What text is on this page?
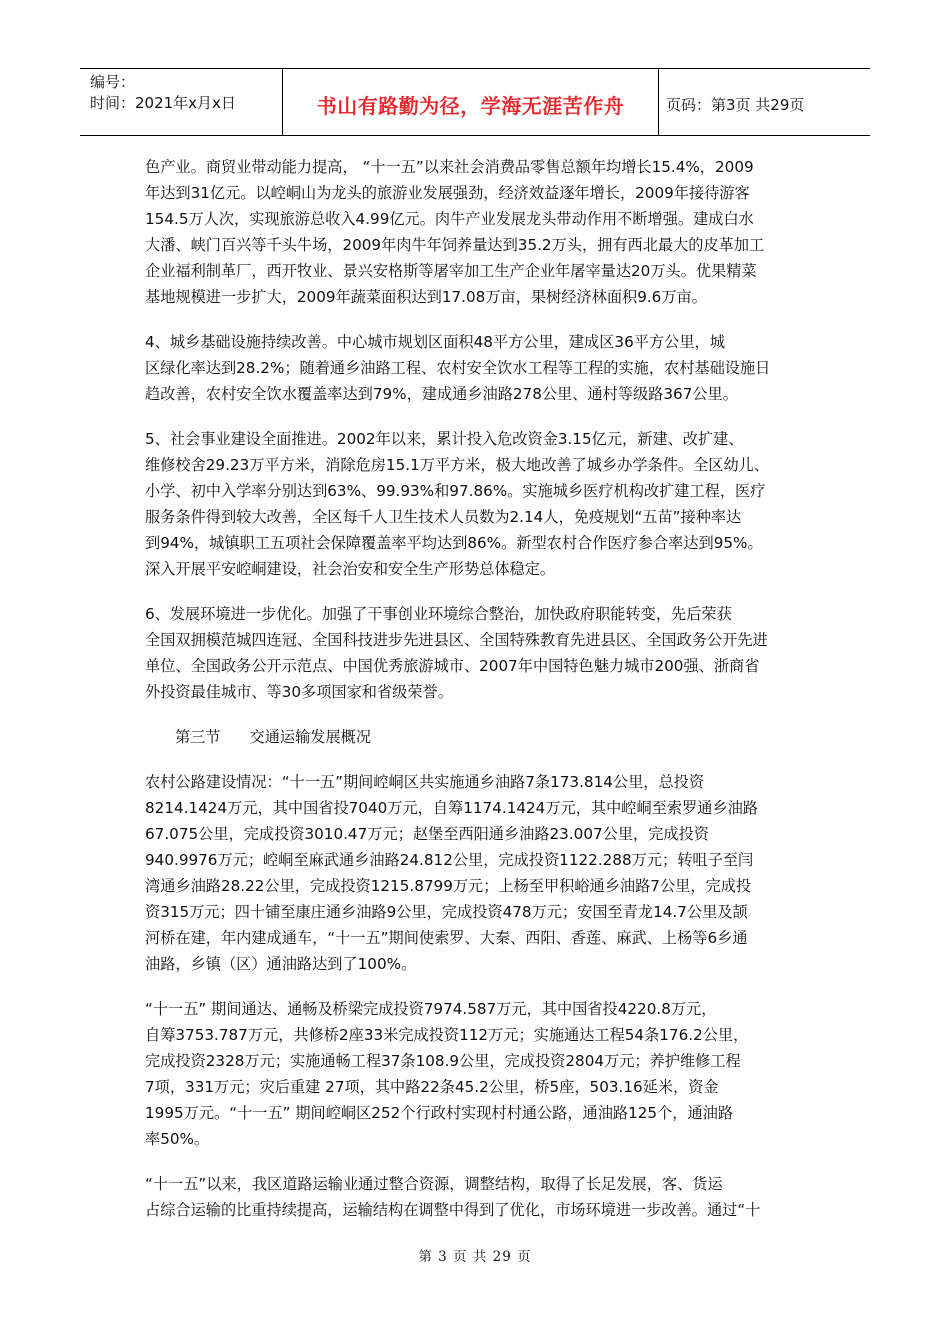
编号：
时间：2021年x月x日	书山有路勤为径，学海无涯苦作舟	页码：第3页 共29页
色产业。商贸业带动能力提高， “十一五”以来社会消费品零售总额年均增长15.4%，2009
年达到31亿元。以崆峒山为龙头的旅游业发展强劲，经济效益逐年增长，2009年接待游客
154.5万人次，实现旅游总收入4.99亿元。肉牛产业发展龙头带动作用不断增强。建成白水
大潘、峡门百兴等千头牛场，2009年肉牛年饲养量达到35.2万头，拥有西北最大的皮革加工
企业福利制革厂，西开牧业、景兴安格斯等屠宰加工生产企业年屠宰量达20万头。优果精菜
基地规模进一步扩大，2009年蔬菜面积达到17.08万亩，果树经济林面积9.6万亩。
4、城乡基础设施持续改善。中心城市规划区面积48平方公里，建成区36平方公里，城
区绿化率达到28.2%；随着通乡油路工程、农村安全饮水工程等工程的实施，农村基础设施日
趋改善，农村安全饮水覆盖率达到79%，建成通乡油路278公里、通村等级路367公里。
5、社会事业建设全面推进。2002年以来，累计投入危改资金3.15亿元，新建、改扩建、
维修校舍29.23万平方米，消除危房15.1万平方米，极大地改善了城乡办学条件。全区幼儿、
小学、初中入学率分别达到63%、99.93%和97.86%。实施城乡医疗机构改扩建工程，医疗
服务条件得到较大改善，全区每千人卫生技术人员数为2.14人，免疫规划“五苗”接种率达
到94%，城镇职工五项社会保障覆盖率平均达到86%。新型农村合作医疗参合率达到95%。
深入开展平安崆峒建设，社会治安和安全生产形势总体稳定。
6、发展环境进一步优化。加强了干事创业环境综合整治，加快政府职能转变，先后荣获
全国双拥模范城四连冠、全国科技进步先进县区、全国特殊教育先进县区、全国政务公开先进
单位、全国政务公开示范点、中国优秀旅游城市、2007年中国特色魅力城市200强、浙商省
外投资最佳城市、等30多项国家和省级荣誉。
第三节      交通运输发展概况
农村公路建设情况：“十一五”期间崆峒区共实施通乡油路7条173.814公里，总投资
8214.1424万元，其中国省投7040万元，自筹1174.1424万元，其中崆峒至索罗通乡油路
67.075公里，完成投资3010.47万元；赵堡至西阳通乡油路23.007公里，完成投资
940.9976万元；崆峒至麻武通乡油路24.812公里，完成投资1122.288万元；转咀子至闫
湾通乡油路28.22公里，完成投资1215.8799万元；上杨至甲积峪通乡油路7公里，完成投
资315万元；四十铺至康庄通乡油路9公里，完成投资478万元；安国至青龙14.7公里及颉
河桥在建，年内建成通车，“十一五”期间使索罗、大秦、西阳、香莲、麻武、上杨等6乡通
油路，乡镇（区）通油路达到了100%。
“十一五” 期间通达、通畅及桥梁完成投资7974.587万元，其中国省投4220.8万元，
自筹3753.787万元，共修桥2座33米完成投资112万元；实施通达工程54条176.2公里，
完成投资2328万元；实施通畅工程37条108.9公里，完成投资2804万元；养护维修工程
7项，331万元；灾后重建 27项，其中路22条45.2公里，桥5座，503.16延米，资金
1995万元。“十一五” 期间崆峒区252个行政村实现村村通公路，通油路125个，通油路
率50%。
“十一五”以来，我区道路运输业通过整合资源，调整结构，取得了长足发展，客、货运
占综合运输的比重持续提高，运输结构在调整中得到了优化，市场环境进一步改善。通过“十
第 3 页 共 29 页
